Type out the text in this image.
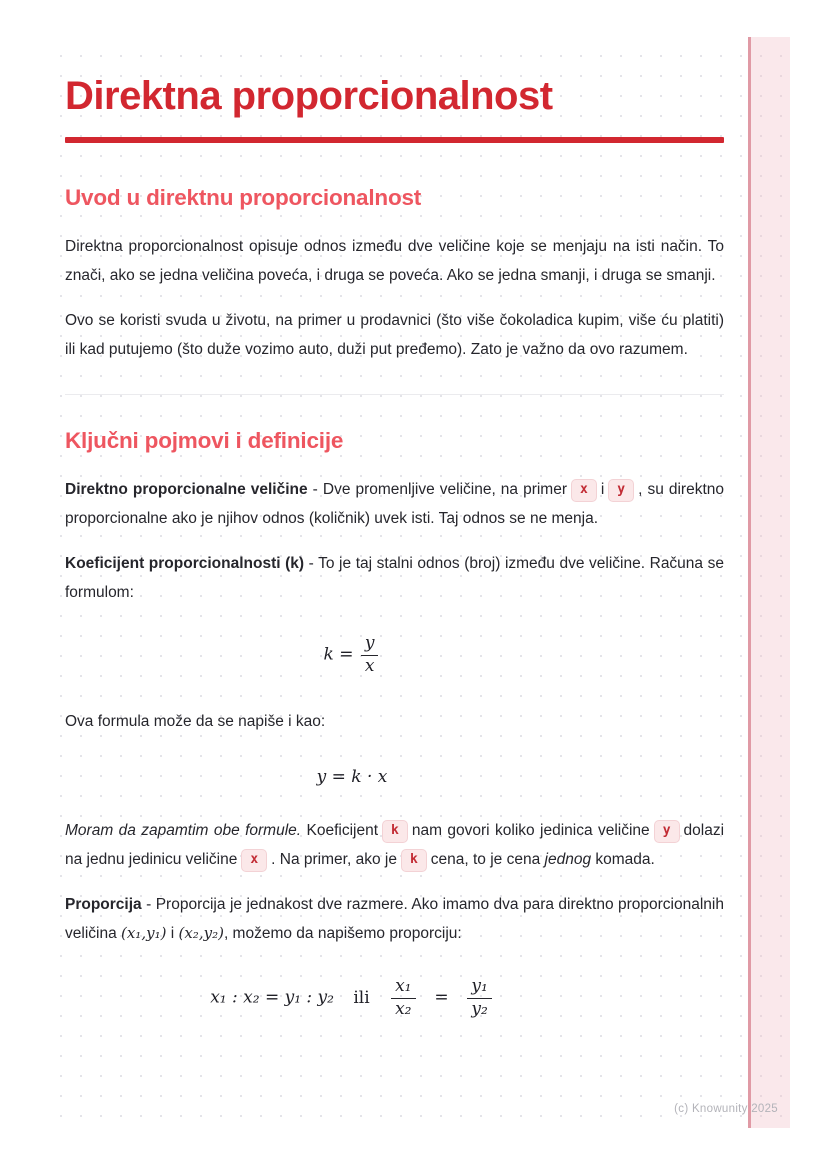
Direktna proporcionalnost
Uvod u direktnu proporcionalnost

Direktna proporcionalnost opisuje odnos između dve veličine koje se menjaju na isti način. To znači, ako se jedna veličina poveća, i druga se poveća. Ako se jedna smanji, i druga se smanji.

Ovo se koristi svuda u životu, na primer u prodavnici (što više čokoladica kupim, više ću platiti) ili kad putujemo (što duže vozimo auto, duži put pređemo). Zato je važno da ovo razumem.

Ključni pojmovi i definicije

Direktno proporcionalne veličine - Dve promenljive veličine, na primer x i y , su direktno proporcionalne ako je njihov odnos (količnik) uvek isti. Taj odnos se ne menja.

Koeficijent proporcionalnosti (k) - To je taj stalni odnos (broj) između dve veličine. Računa se formulom:

$k = \frac{y}{x}$

Ova formula može da se napiše i kao:

y = k · x

Moram da zapamtim obe formule. Koeficijent k nam govori koliko jedinica veličine y dolazi na jednu jedinicu veličine x . Na primer, ako je k cena, to je cena jednog komada.

Proporcija - Proporcija je jednakost dve razmere. Ako imamo dva para direktno proporcionalnih veličina (x₁,y₁) i (x₂,y₂), možemo da napišemo proporciju:

x₁ : x₂ = y₁ : y₂ ili $\frac{\text{x₁}}{\text{x₂}} = \frac{\text{y₁}}{\text{y₂}}$
(c) Knowunity 2025
